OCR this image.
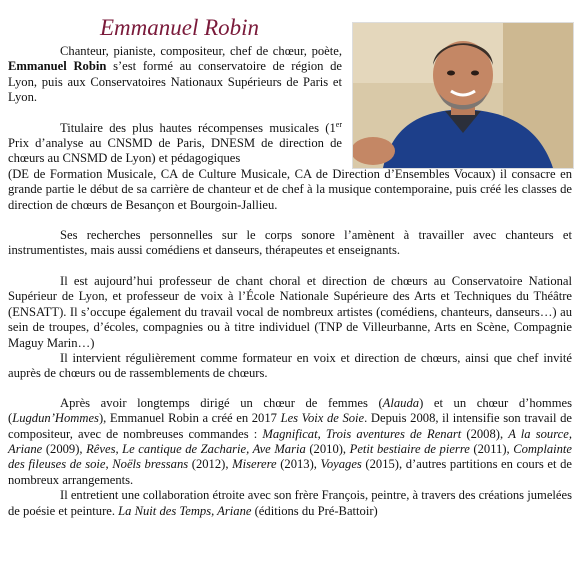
Emmanuel Robin

Chanteur, pianiste, compositeur, chef de chœur, poète, Emmanuel Robin s’est formé au conservatoire de région de Lyon, puis aux Conservatoires Nationaux Supérieurs de Paris et Lyon.

Titulaire des plus hautes récompenses musicales (1er Prix d’analyse au CNSMD de Paris, DNESM de direction de chœurs au CNSMD de Lyon) et pédagogiques

(DE de Formation Musicale, CA de Culture Musicale, CA de Direction d’Ensembles Vocaux) il consacre en grande partie le début de sa carrière de chanteur et de chef à la musique contemporaine, puis créé les classes de direction de chœurs de Besançon et Bourgoin-Jallieu.

Ses recherches personnelles sur le corps sonore l’amènent à travailler avec chanteurs et instrumentistes, mais aussi comédiens et danseurs, thérapeutes et enseignants.

Il est aujourd’hui professeur de chant choral et direction de chœurs au Conservatoire National Supérieur de Lyon, et professeur de voix à l’École Nationale Supérieure des Arts et Techniques du Théâtre (ENSATT). Il s’occupe également du travail vocal de nombreux artistes (comédiens, chanteurs, danseurs…) au sein de troupes, d’écoles, compagnies ou à titre individuel (TNP de Villeurbanne, Arts en Scène, Compagnie Maguy Marin…)

Il intervient régulièrement comme formateur en voix et direction de chœurs, ainsi que chef invité auprès de chœurs ou de rassemblements de chœurs.

Après avoir longtemps dirigé un chœur de femmes (Alauda) et un chœur d’hommes (Lugdun’Hommes), Emmanuel Robin a créé en 2017 Les Voix de Soie. Depuis 2008, il intensifie son travail de compositeur, avec de nombreuses commandes : Magnificat, Trois aventures de Renart (2008), A la source, Ariane (2009), Rêves, Le cantique de Zacharie, Ave Maria (2010), Petit bestiaire de pierre (2011), Complainte des fileuses de soie, Noëls bressans (2012), Miserere (2013), Voyages (2015), d’autres partitions en cours et de nombreux arrangements.

Il entretient une collaboration étroite avec son frère François, peintre, à travers des créations jumelées de poésie et peinture. La Nuit des Temps, Ariane (éditions du Pré-Battoir)
